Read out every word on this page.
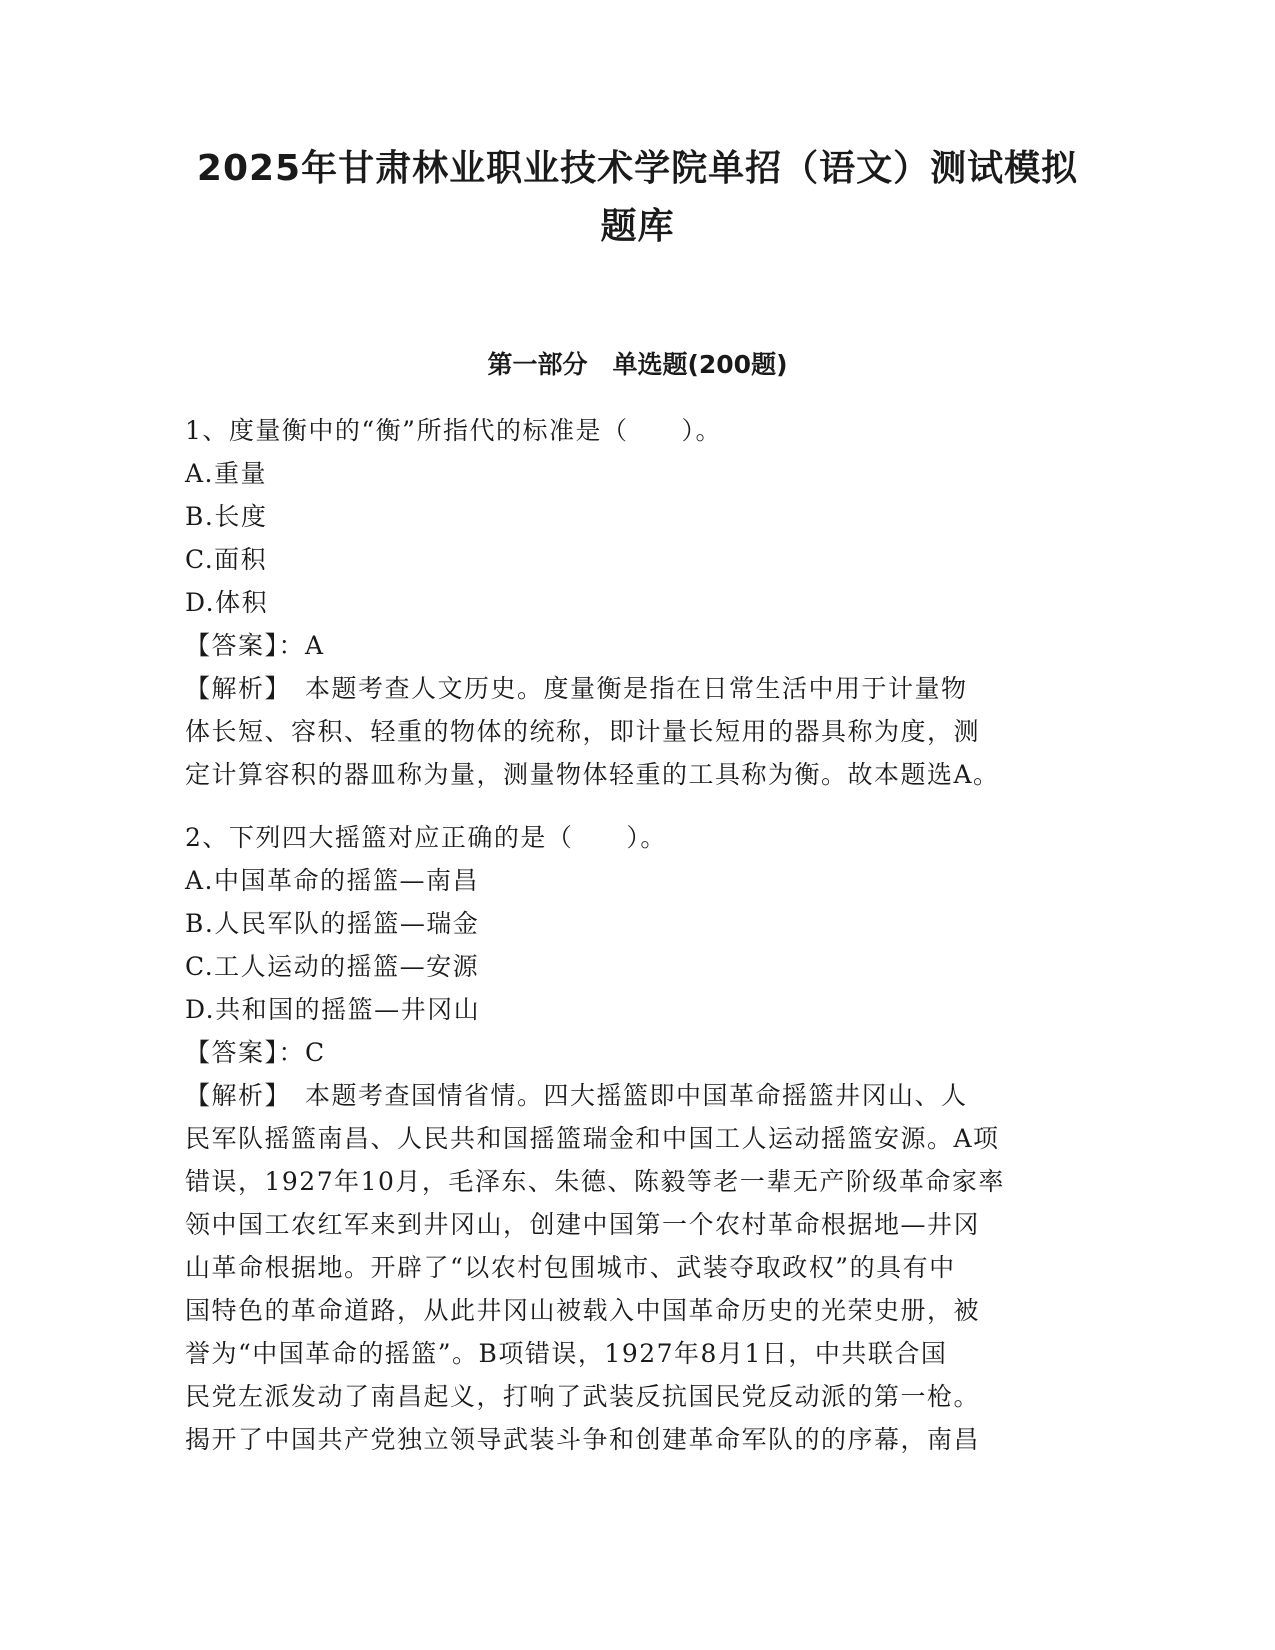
2025年甘肃林业职业技术学院单招（语文）测试模拟
题库
第一部分　单选题(200题)
1、度量衡中的“衡”所指代的标准是（　　）。
A.重量
B.长度
C.面积
D.体积
【答案】：A
【解析】　本题考查人文历史。度量衡是指在日常生活中用于计量物
体长短、容积、轻重的物体的统称，即计量长短用的器具称为度，测
定计算容积的器皿称为量，测量物体轻重的工具称为衡。故本题选A。
2、下列四大摇篮对应正确的是（　　）。
A.中国革命的摇篮—南昌
B.人民军队的摇篮—瑞金
C.工人运动的摇篮—安源
D.共和国的摇篮—井冈山
【答案】：C
【解析】　本题考查国情省情。四大摇篮即中国革命摇篮井冈山、人
民军队摇篮南昌、人民共和国摇篮瑞金和中国工人运动摇篮安源。A项
错误，1927年10月，毛泽东、朱德、陈毅等老一辈无产阶级革命家率
领中国工农红军来到井冈山，创建中国第一个农村革命根据地—井冈
山革命根据地。开辟了“以农村包围城市、武装夺取政权”的具有中
国特色的革命道路，从此井冈山被载入中国革命历史的光荣史册，被
誉为“中国革命的摇篮”。B项错误，1927年8月1日，中共联合国
民党左派发动了南昌起义，打响了武装反抗国民党反动派的第一枪。
揭开了中国共产党独立领导武装斗争和创建革命军队的的序幕，南昌
